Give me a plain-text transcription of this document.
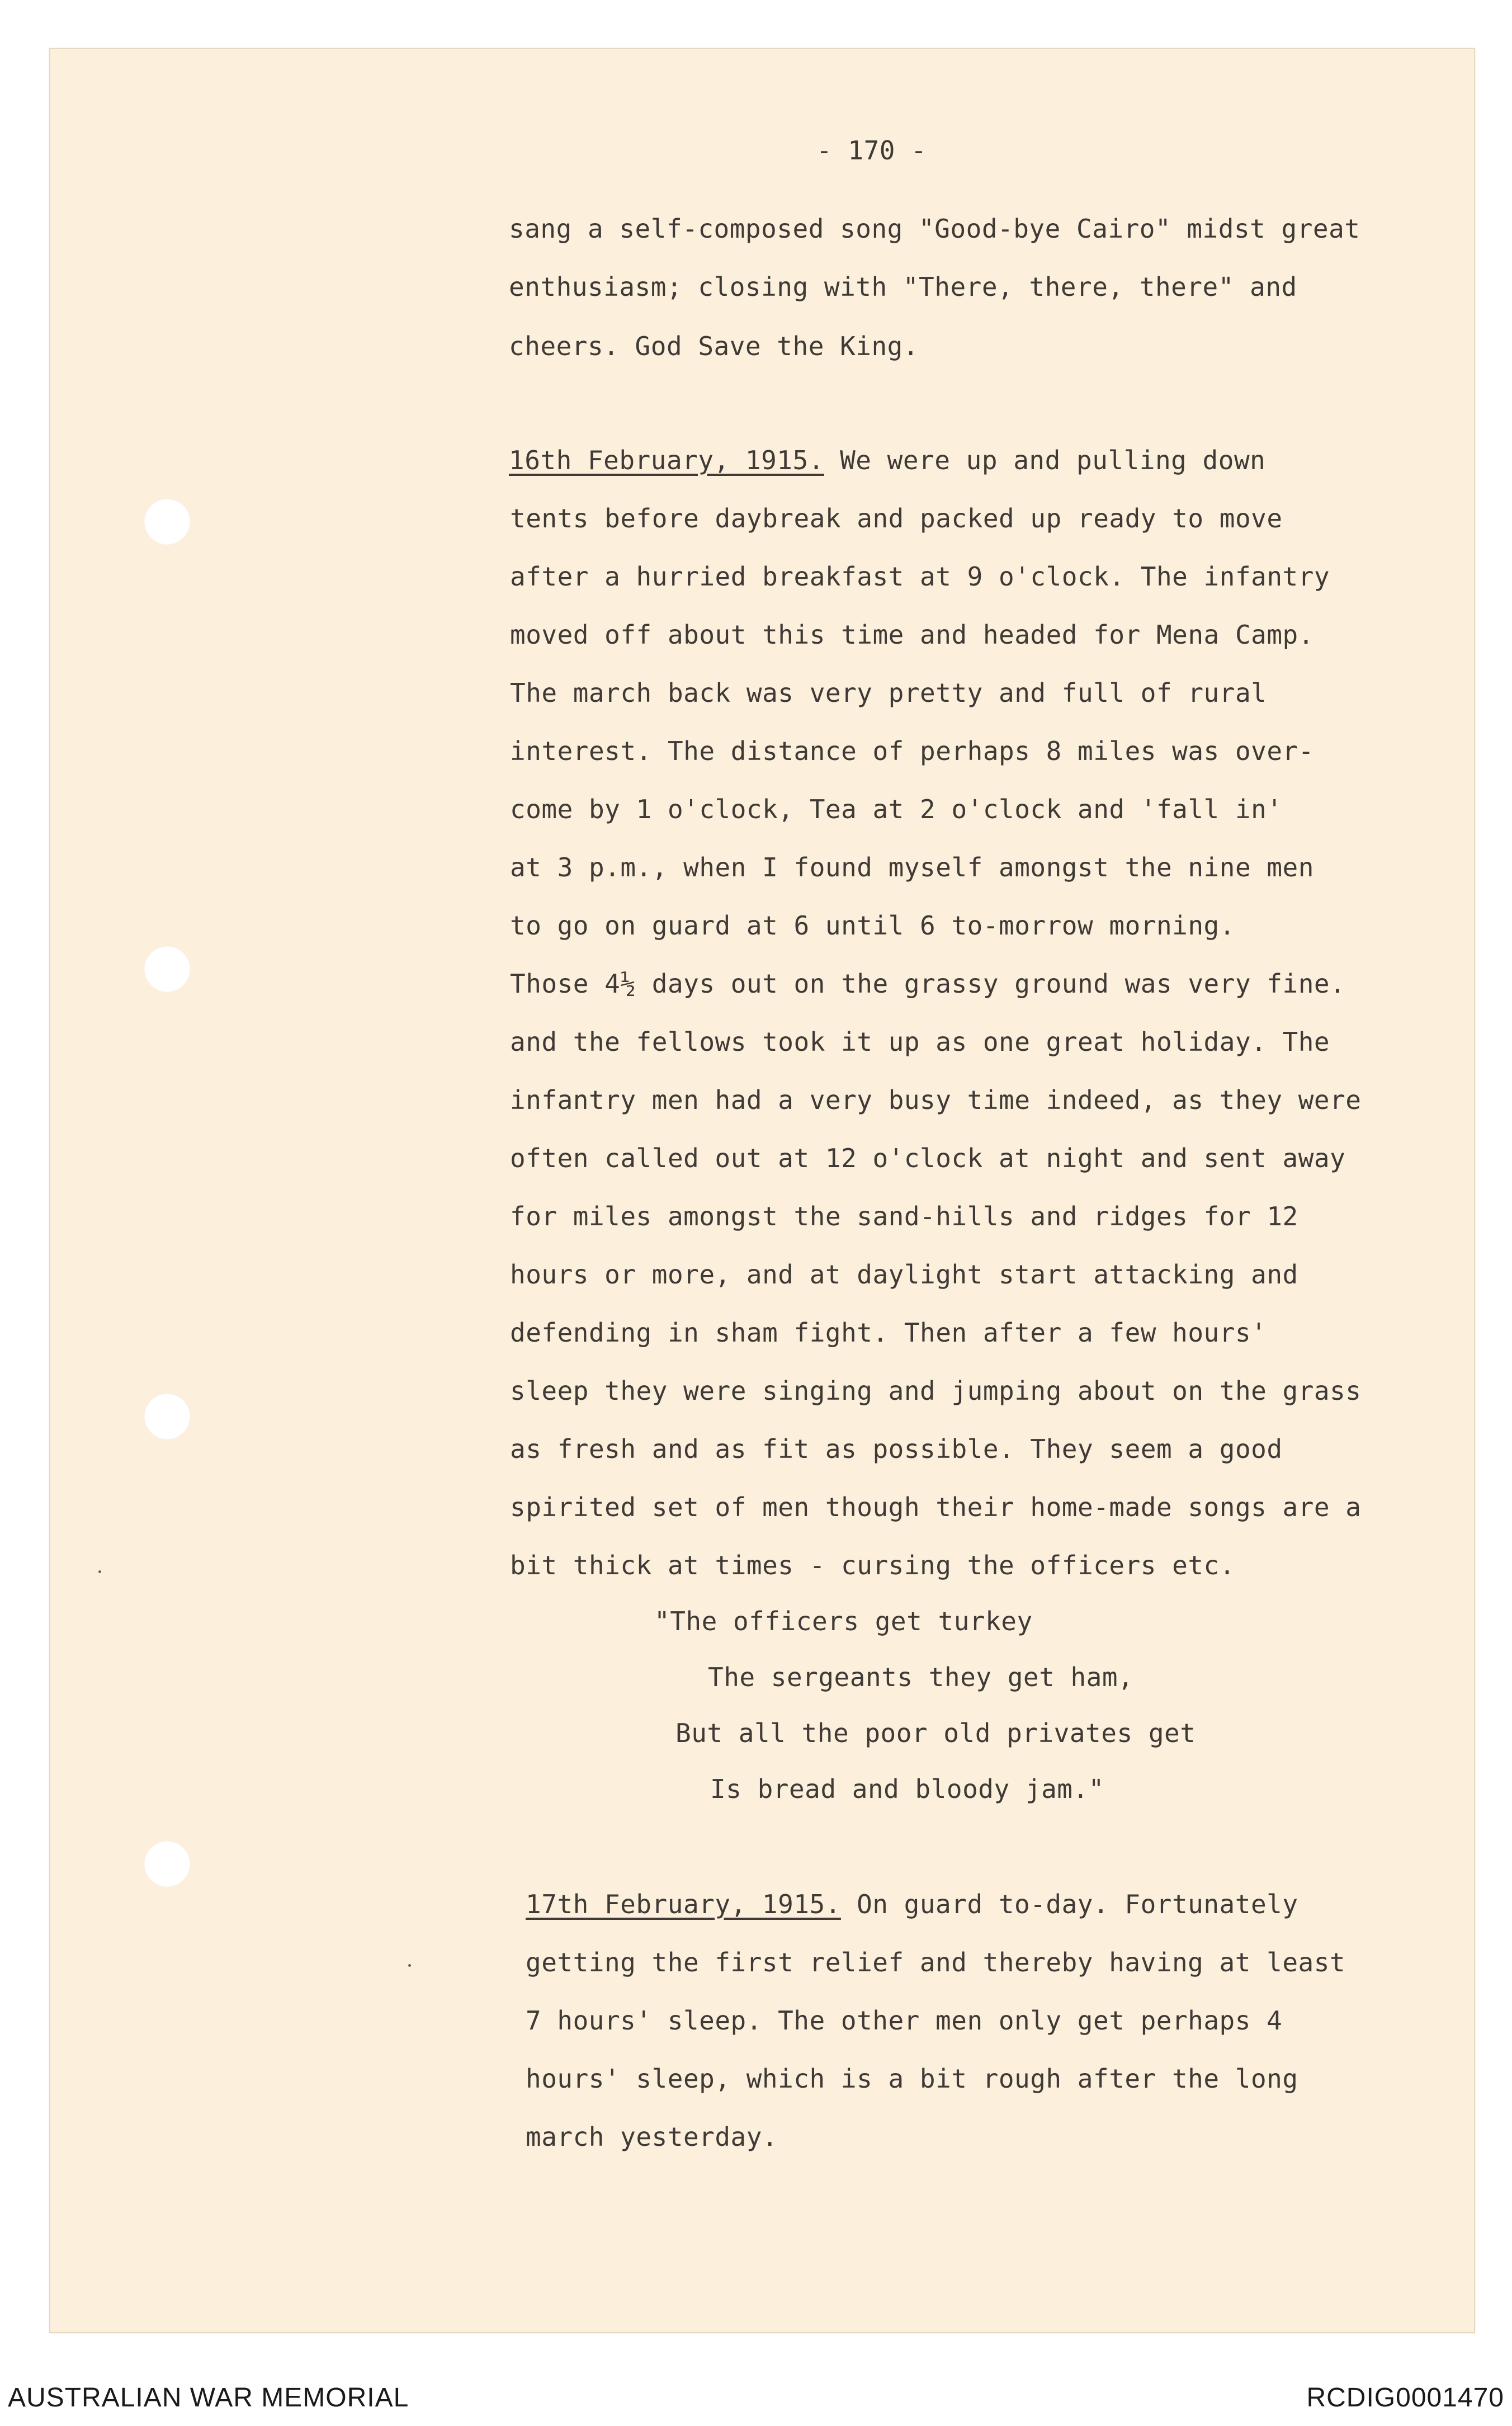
- 170 -
sang a self-composed song "Good-bye Cairo" midst great
enthusiasm; closing with "There, there, there" and
cheers. God Save the King.
16th February, 1915. We were up and pulling down
tents before daybreak and packed up ready to move
after a hurried breakfast at 9 o'clock. The infantry
moved off about this time and headed for Mena Camp.
The march back was very pretty and full of rural
interest. The distance of perhaps 8 miles was over-
come by 1 o'clock, Tea at 2 o'clock and 'fall in'
at 3 p.m., when I found myself amongst the nine men
to go on guard at 6 until 6 to-morrow morning.
Those 4½ days out on the grassy ground was very fine.
and the fellows took it up as one great holiday. The
infantry men had a very busy time indeed, as they were
often called out at 12 o'clock at night and sent away
for miles amongst the sand-hills and ridges for 12
hours or more, and at daylight start attacking and
defending in sham fight. Then after a few hours'
sleep they were singing and jumping about on the grass
as fresh and as fit as possible. They seem a good
spirited set of men though their home-made songs are a
bit thick at times - cursing the officers etc.
"The officers get turkey
The sergeants they get ham,
But all the poor old privates get
Is bread and bloody jam."
17th February, 1915. On guard to-day. Fortunately
getting the first relief and thereby having at least
7 hours' sleep. The other men only get perhaps 4
hours' sleep, which is a bit rough after the long
march yesterday.
AUSTRALIAN WAR MEMORIAL	RCDIG0001470
